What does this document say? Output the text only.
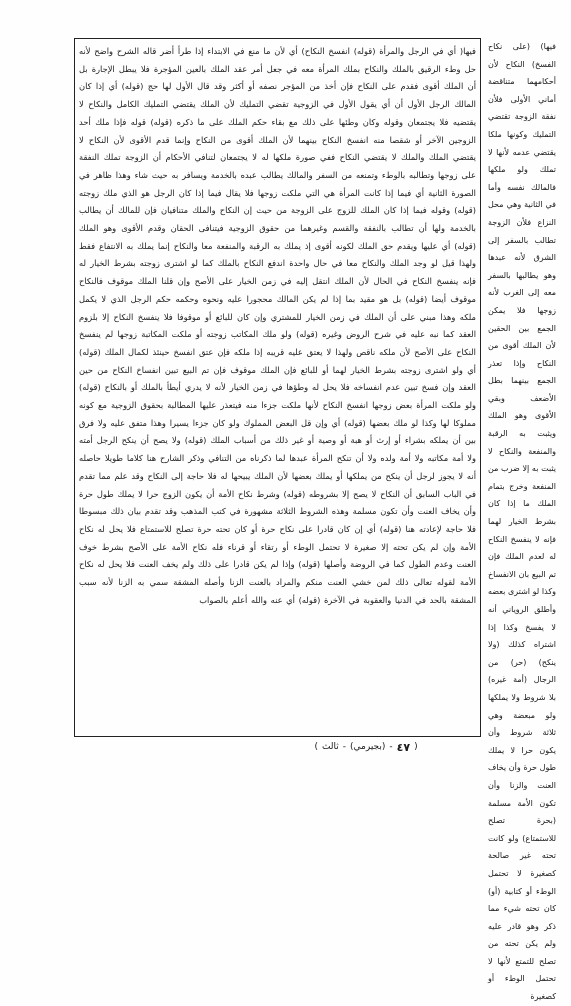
فيها( أي في الرجل والمرأة (قوله) انفسخ النكاح) أي لأن ما منع في الابتداء إذا طرأ أضر قاله الشرح واضح لأنه حل وطء الرقيق بالملك والنكاح بملك المرأة معه في جعل أمر عقد الملك بالعين المؤجرة فلا يبطل الإجارة بل أن الملك أقوى فقدم على النكاح فإن أخذ من المؤجر نصفه أو أكثر وقد قال الأول لها حج (قوله) أي إذا كان المالك الرجل الأول أن أي يقول الأول في الزوجية تقضي التمليك لأن الملك يقتضي التمليك الكامل والنكاح لا يقتضيه فلا يجتمعان وقوله وكان وطئها على ذلك مع بقاء حكم الملك على ما ذكره (قوله) قوله فإذا ملك أحد الزوجين الآخر أو شقصا منه انفسخ النكاح بينهما لأن الملك أقوى من النكاح وإنما قدم الأقوى لأن النكاح لا يقتضي الملك والملك لا يقتضي النكاح ففي صورة ملكها له لا يجتمعان لتنافي الأحكام أن الزوجة تملك النفقة على زوجها وتطالبه بالوطء وتمنعه من السفر والمالك يطالب عبده بالخدمة ويسافر به حيث شاء وهذا ظاهر في الصورة الثانية أي فيما إذا كانت المرأة هي التي ملكت زوجها فلا يقال فيما إذا كان الرجل هو الذي ملك زوجته (قوله) وقوله فيما إذا كان الملك للزوج على الزوجة من حيث إن النكاح والملك متنافيان فإن للمالك أن يطالب بالخدمة ولها أن تطالب بالنفقة والقسم وغيرهما من حقوق الزوجية فيتنافى الحقان وقدم الأقوى وهو الملك (قوله) أي عليها ويقدم حق الملك لكونه أقوى إذ يملك به الرقبة والمنفعة معا والنكاح إنما يملك به الانتفاع فقط ولهذا قيل لو وجد الملك والنكاح معا في حال واحدة اندفع النكاح بالملك كما لو اشترى زوجته بشرط الخيار له فإنه ينفسخ النكاح في الحال لأن الملك انتقل إليه في زمن الخيار على الأصح وإن قلنا الملك موقوف فالنكاح موقوف أيضا (قوله) بل هو مقيد بما إذا لم يكن المالك محجورا عليه ونحوه وحكمه حكم الرجل الذي لا يكمل ملكه وهذا مبني على أن الملك في زمن الخيار للمشتري وإن كان للبائع أو موقوفا فلا ينفسخ النكاح إلا بلزوم العقد كما نبه عليه في شرح الروض وغيره (قوله) ولو ملك المكاتب زوجته أو ملكت المكاتبة زوجها لم ينفسخ النكاح على الأصح لأن ملكه ناقص ولهذا لا يعتق عليه قريبه إذا ملكه فإن عتق انفسخ حينئذ لكمال الملك (قوله) أي ولو اشترى زوجته بشرط الخيار لهما أو للبائع فإن الملك موقوف فإن تم البيع تبين انفساخ النكاح من حين العقد وإن فسخ تبين عدم انفساخه فلا يحل له وطؤها في زمن الخيار لأنه لا يدري أيطأ بالملك أو بالنكاح (قوله) ولو ملكت المرأة بعض زوجها انفسخ النكاح لأنها ملكت جزءا منه فيتعذر عليها المطالبة بحقوق الزوجية مع كونه مملوكا لها وكذا لو ملك بعضها (قوله) أي وإن قل البعض المملوك ولو كان جزءا يسيرا وهذا متفق عليه ولا فرق بين أن يملكه بشراء أو إرث أو هبة أو وصية أو غير ذلك من أسباب الملك (قوله) ولا يصح أن ينكح الرجل أمته ولا أمة مكاتبه ولا أمة ولده ولا أن تنكح المرأة عبدها لما ذكرناه من التنافي وذكر الشارح هنا كلاما طويلا حاصله أنه لا يجوز لرجل أن ينكح من يملكها أو يملك بعضها لأن الملك يبيحها له فلا حاجة إلى النكاح وقد علم مما تقدم في الباب السابق أن النكاح لا يصح إلا بشروطه (قوله) وشرط نكاح الأمة أن يكون الزوج حرا لا يملك طول حرة وأن يخاف العنت وأن تكون مسلمة وهذه الشروط الثلاثة مشهورة في كتب المذهب وقد تقدم بيان ذلك مبسوطا فلا حاجة لإعادته هنا (قوله) أي إن كان قادرا على نكاح حرة أو كان تحته حرة تصلح للاستمتاع فلا يحل له نكاح الأمة وإن لم يكن تحته إلا صغيرة لا تحتمل الوطء أو رتقاء أو قرناء فله نكاح الأمة على الأصح بشرط خوف العنت وعدم الطول كما في الروضة وأصلها (قوله) وإذا لم يكن قادرا على ذلك ولم يخف العنت فلا يحل له نكاح الأمة لقوله تعالى ذلك لمن خشي العنت منكم والمراد بالعنت الزنا وأصله المشقة سمي به الزنا لأنه سبب المشقة بالحد في الدنيا والعقوبة في الآخرة (قوله) أي عنه والله أعلم بالصواب
فيها) (على نكاح الفسخ) النكاح لأن أحكامهما متناقضة أماني الأولى فلأن نفقة الزوجة تقتضي التمليك وكونها ملكا يقتضي عدمه لأنها لا تملك ولو ملكها فالمالك نفسه وأما في الثانية وهي محل النزاع فلأن الزوجة تطالب بالسفر إلى الشرق لأنه عبدها وهو يطالبها بالسفر معه إلى الغرب لأنه زوجها فلا يمكن الجمع بين الحقين لأن الملك أقوى من النكاح وإذا تعذر الجمع بينهما بطل الأضعف وبقي الأقوى وهو الملك ويثبت به الرقبة والمنفعة والنكاح لا يثبت به إلا ضرب من المنفعة وخرج بتمام الملك ما إذا كان بشرط الخيار لهما فإنه لا ينفسخ النكاح له لعدم الملك فإن تم البيع بان الانفساخ وكذا لو اشترى بعضه وأطلق الروياني أنه لا يفسخ وكذا إذا اشتراه كذلك (ولا ينكح) (حر) من الرجال (أمة غيره) بلا شروط ولا يملكها ولو مبعضة وهي ثلاثة شروط وأن يكون حرا لا يملك طول حرة وأن يخاف العنت والزنا وأن تكون الأمة مسلمة (بحرة تصلح للاستمتاع) ولو كانت تحته غير صالحة كصغيرة لا تحتمل الوطء أو كتابية (أو) كان تحته شيء مما ذكر وهو قادر عليه ولم يكن تحته من تصلح للتمتع لأنها لا تحتمل الوطء أو كصغيرة
(
٤٧
-
(بجيرمي)
-
ثالث
)
